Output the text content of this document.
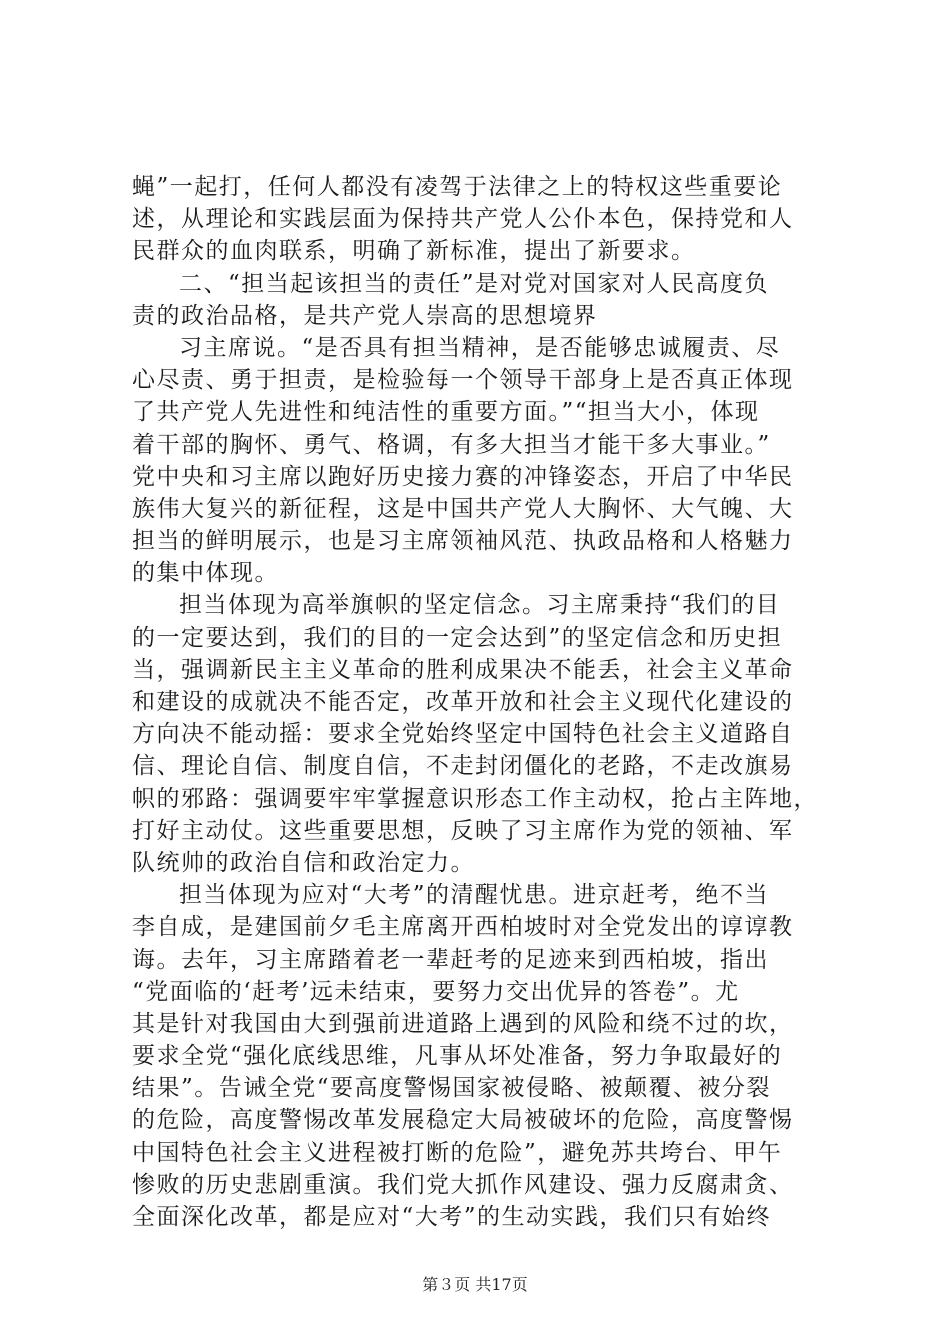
蝇”一起打，任何人都没有凌驾于法律之上的特权这些重要论
述，从理论和实践层面为保持共产党人公仆本色，保持党和人
民群众的血肉联系，明确了新标准，提出了新要求。
二、“担当起该担当的责任”是对党对国家对人民高度负
责的政治品格，是共产党人崇高的思想境界
习主席说。“是否具有担当精神，是否能够忠诚履责、尽
心尽责、勇于担责，是检验每一个领导干部身上是否真正体现
了共产党人先进性和纯洁性的重要方面。”“担当大小，体现
着干部的胸怀、勇气、格调，有多大担当才能干多大事业。”
党中央和习主席以跑好历史接力赛的冲锋姿态，开启了中华民
族伟大复兴的新征程，这是中国共产党人大胸怀、大气魄、大
担当的鲜明展示，也是习主席领袖风范、执政品格和人格魅力
的集中体现。
担当体现为高举旗帜的坚定信念。习主席秉持“我们的目
的一定要达到，我们的目的一定会达到”的坚定信念和历史担
当，强调新民主主义革命的胜利成果决不能丢，社会主义革命
和建设的成就决不能否定，改革开放和社会主义现代化建设的
方向决不能动摇：要求全党始终坚定中国特色社会主义道路自
信、理论自信、制度自信，不走封闭僵化的老路，不走改旗易
帜的邪路：强调要牢牢掌握意识形态工作主动权，抢占主阵地，
打好主动仗。这些重要思想，反映了习主席作为党的领袖、军
队统帅的政治自信和政治定力。
担当体现为应对“大考”的清醒忧患。进京赶考，绝不当
李自成，是建国前夕毛主席离开西柏坡时对全党发出的谆谆教
诲。去年，习主席踏着老一辈赶考的足迹来到西柏坡，指出
“党面临的‘赶考’远未结束，要努力交出优异的答卷”。尤
其是针对我国由大到强前进道路上遇到的风险和绕不过的坎，
要求全党“强化底线思维，凡事从坏处准备，努力争取最好的
结果”。告诫全党“要高度警惕国家被侵略、被颠覆、被分裂
的危险，高度警惕改革发展稳定大局被破坏的危险，高度警惕
中国特色社会主义进程被打断的危险”，避免苏共垮台、甲午
惨败的历史悲剧重演。我们党大抓作风建设、强力反腐肃贪、
全面深化改革，都是应对“大考”的生动实践，我们只有始终
第３页 共17页
